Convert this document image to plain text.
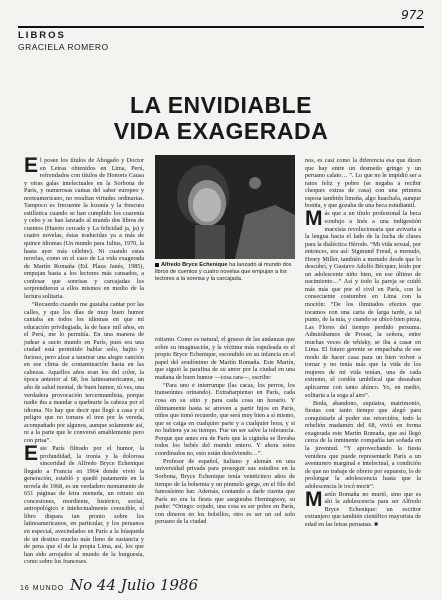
972
LIBROS
GRACIELA ROMERO
LA ENVIDIABLE
VIDA EXAGERADA
Alfredo Bryce Echenique ha lanzado al mundo dos libros de cuentos y cuatro novelas que empujan a los lectores a la sonrisa y la carcajada.

El posee los títulos de Abogado y Doctor en Letras obtenidos en Lima, Perú, refrendados con títulos de Honoris Causa y otras galas intelectuales en la Sorbona de París, y numerosas camas del saber europeo y norteamericano, no resultan virtudes ordinarias. Tampoco es frecuente la lozanía y la frescura estilística cuando se han cumplido los cuarenta y cebo y se han lanzado al mundo dos libros de cuentos (Huerto cercado y La felicidad ja, ja) y cuatro novelas, éstas traducidas ya a más de quince idiomas (Un mundo para Julius, 1970, la hasta ayer más célebre). Ni cuando estas novelas, como en el caso de La vida exagerada de Martín Romaña (Ed. Plaza Janés, 1985), empujan hasta a los lectores más cansados, a confesar que sonrisas y carcajadas los sorprendieron a ellos mismos en medio de la lectura solitaria.

“Recuerdo cuando me gustaba cantar por las calles, y que los días de muy buen humor cantaba en todos los idiomas en que mi educación privilegiada, la de hace mil años, en el Perú, me lo permitía. En una manera de judear a sucio mundo en París, pues era una ciudad está permitido hablar solo, bajito y furioso, pero alzar a tararear una alegre canción en ese clima de contaminación hasta en las cabezas. Aquellos años eran los del color, la época anterior al 68, los latinoamericanos, un año de salud mental, de buen humor, tú ves, una verdadera provocación tercermundista, porque nadie iba a mandar a quebrarte la cabeza por el idioma. No hay que decir que llegó a casa y el peligro que no tomara el tren por la vereda, acompañado por algunos, aunque solamente así, ni a la parte que le conversó amablemente pero con prisa”.

Este París filtrado por el humor, la profundidad, la ironía y la dolorosa sinceridad de Alfredo Bryce Echenique llegado a Francia en 1964 donde vivió la generación, establó y quedó justamente en la novela de 1968, es un verdadero monumento de 651 páginas de letra menuda, un retrato sin concesiones, mordiente, histórico, social, antropológico e intelectualmente conocible, el libro dispara tan pronto sobre los latinoamericanos, en particular, y los peruanos en especial, avecindados en París a la búsqueda de un destino mucho más lleno de sustancia y de pena que el de la propia Lima, así, los que han sido arrojados al mundo de la burguesía, como sobre los franceses.

rotismo. Como es natural, el grueso de las andanzas que sobre su imaginación, y la víctima más vapuleada es el propio Bryce Echenique, escondido en su infancia en el papel del seudónimo de Martín Romaña. Este Martín, que siguió la parafina de su amor por la ciudad en una mañana de buen humor —cosa rara—, escribe:

“Para uno e interrumpe (las cacas, los perros, los transeúntes orinando). Extrañarpienso en París, cada cosa en su sitio y para cada cosa un horario. Y últimamente hasta se atreven a partir hijos en París, niños que tomó recuerdo, que será muy bien a sí mismo, que se caiga en cualquier parte y a cualquier hora, y si no hubiera ya su tiempo. Fue un ser salve la tolerancia. Porque que antes era de París que la cigüeña se llevaba todos los bebés del mundo entero. Y ahora estos coordinados no, esto están desolviendo…”.

Profesor de español, italiano y alemán en una universidad privada para proseguir sus estudios en la Sorbona, Bryce Echenique tenía veinticinco años de tiempo de la bohemia y un pinmelo gorge, en el filo del famosísimo bar. Además, contando a darle cuenta que París no era la fiesta que aseguraba Hemingway, su padre: “Oringo: cojudo, una cosa es ser pobre en París, con dineros en los bolsillos, otro es ser un sol solo peruano de la ciudad

nos, es casi como la diferencia esa que dicen que hay entre un desmedo gringo y un peruano calato… ”. Lo que no le impidió ser a ratos feliz y pobre (se negaba a recibir cheques extras de casa) con una primera esposa también limeña, algo huachafa, aunque bonita, y que gozaba de una beca estudiantil.

Más que a un título profesional la beca condujo a Inés a una indigestión marxista revolucionaria que avivaría a la lengua hacia el lado de la lucha de clases para la dialéctica Hérodo. “Mi vida sexual, por entonces, era así: Sigmund Freud, a menudo, Henry Miller, también a menudo desde que lo descubrí, y Gustavo Adolfo Bécquer, leído por un adolescente niño bien, en ese último de nacimiento…” Así y todo la pareja se cuidó más más que por el civil en París, con la consecuente costumbre en Lima con la moción: “De los ilimitados efectos que tocamos con una carta de larga tarde, a tal punto, de la mía, y cuando se ubicó bien pieza, Las Flores del tiempo perdido persuma. Admirábamos de Proust, la señora, entre muchas veces de whisky, se iba a casar en Lima. El futuro gerente se empachaba de ese modo de hacer casa para un bien volver a tornar y no tenía más que la vida de los mujeres de mi vida tenían, una de cada extremo, el cordón umbilical que deseaban aplicarme con tanto ahínco. Yo, en medio, solitaria a la soga al aire”.

Boda, abandono, siquiatra, matrimonio, fiestas con tanto tiempo que alegó para conquistarle al poder sus retorcidos, todo la rebelión madamén del 68, vivió en forma exagerada este Martín Romaña, que así llegó cerca de la inminente compañía tan soñada en la juventud. “Y aprovechando la fiesta venidera que puede representarle París a un aventurero marginal e intelectual, a condición de que no trabaje de obrero por supuesto, lo de prolongar la adolescencia hasta que la adolescencia le tocó morir”.

Martín Romaña no murió, sino que es ahí la adolescencia para ser Alfredo Bryce Echenique: un escritor extranjero que también científico mayorista de edad en las letras peruanas. ■

16 MUNDO No 44 Julio 1986
